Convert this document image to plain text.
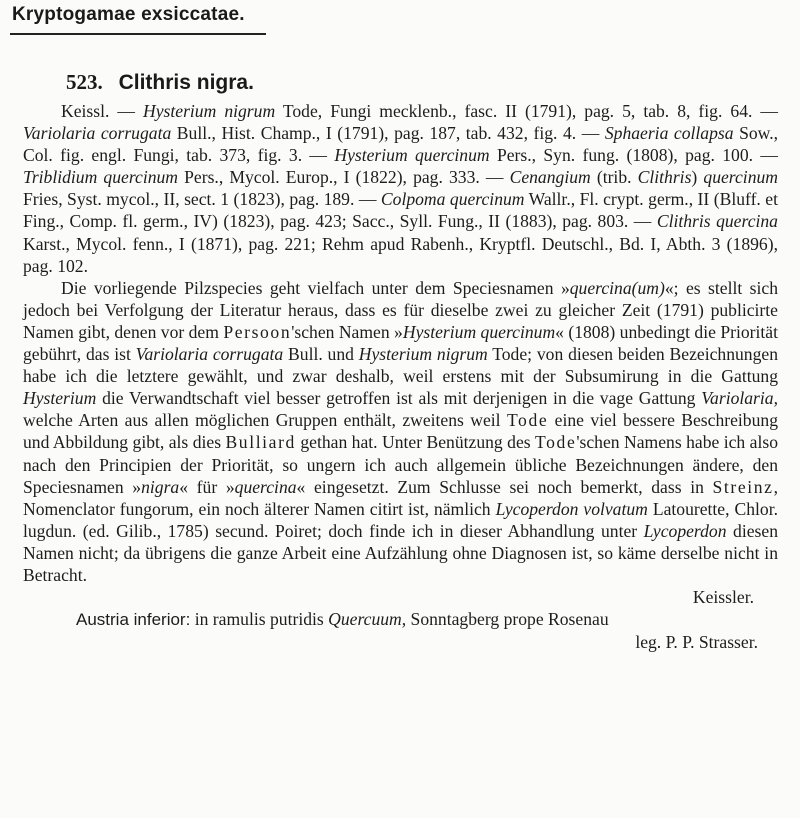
Kryptogamae exsiccatae.
523. Clithris nigra.

Keissl. — Hysterium nigrum Tode, Fungi mecklenb., fasc. II (1791), pag. 5, tab. 8, fig. 64. — Variolaria corrugata Bull., Hist. Champ., I (1791), pag. 187, tab. 432, fig. 4. — Sphaeria collapsa Sow., Col. fig. engl. Fungi, tab. 373, fig. 3. — Hysterium quercinum Pers., Syn. fung. (1808), pag. 100. — Triblidium quercinum Pers., Mycol. Europ., I (1822), pag. 333. — Cenangium (trib. Clithris) quercinum Fries, Syst. mycol., II, sect. 1 (1823), pag. 189. — Colpoma quercinum Wallr., Fl. crypt. germ., II (Bluff. et Fing., Comp. fl. germ., IV) (1823), pag. 423; Sacc., Syll. Fung., II (1883), pag. 803. — Clithris quercina Karst., Mycol. fenn., I (1871), pag. 221; Rehm apud Rabenh., Kryptfl. Deutschl., Bd. I, Abth. 3 (1896), pag. 102.

Die vorliegende Pilzspecies geht vielfach unter dem Speciesnamen »quercina(um)«; es stellt sich jedoch bei Verfolgung der Literatur heraus, dass es für dieselbe zwei zu gleicher Zeit (1791) publicirte Namen gibt, denen vor dem Persoon'schen Namen »Hysterium quercinum« (1808) unbedingt die Priorität gebührt, das ist Variolaria corrugata Bull. und Hysterium nigrum Tode; von diesen beiden Bezeichnungen habe ich die letztere gewählt, und zwar deshalb, weil erstens mit der Subsumirung in die Gattung Hysterium die Verwandtschaft viel besser getroffen ist als mit derjenigen in die vage Gattung Variolaria, welche Arten aus allen möglichen Gruppen enthält, zweitens weil Tode eine viel bessere Beschreibung und Abbildung gibt, als dies Bulliard gethan hat. Unter Benützung des Tode'schen Namens habe ich also nach den Principien der Priorität, so ungern ich auch allgemein übliche Bezeichnungen ändere, den Speciesnamen »nigra« für »quercina« eingesetzt. Zum Schlusse sei noch bemerkt, dass in Streinz, Nomenclator fungorum, ein noch älterer Namen citirt ist, nämlich Lycoperdon volvatum Latourette, Chlor. lugdun. (ed. Gilib., 1785) secund. Poiret; doch finde ich in dieser Abhandlung unter Lycoperdon diesen Namen nicht; da übrigens die ganze Arbeit eine Aufzählung ohne Diagnosen ist, so käme derselbe nicht in Betracht.

Keissler.

Austria inferior: in ramulis putridis Quercuum, Sonntagberg prope Rosenau

leg. P. P. Strasser.
